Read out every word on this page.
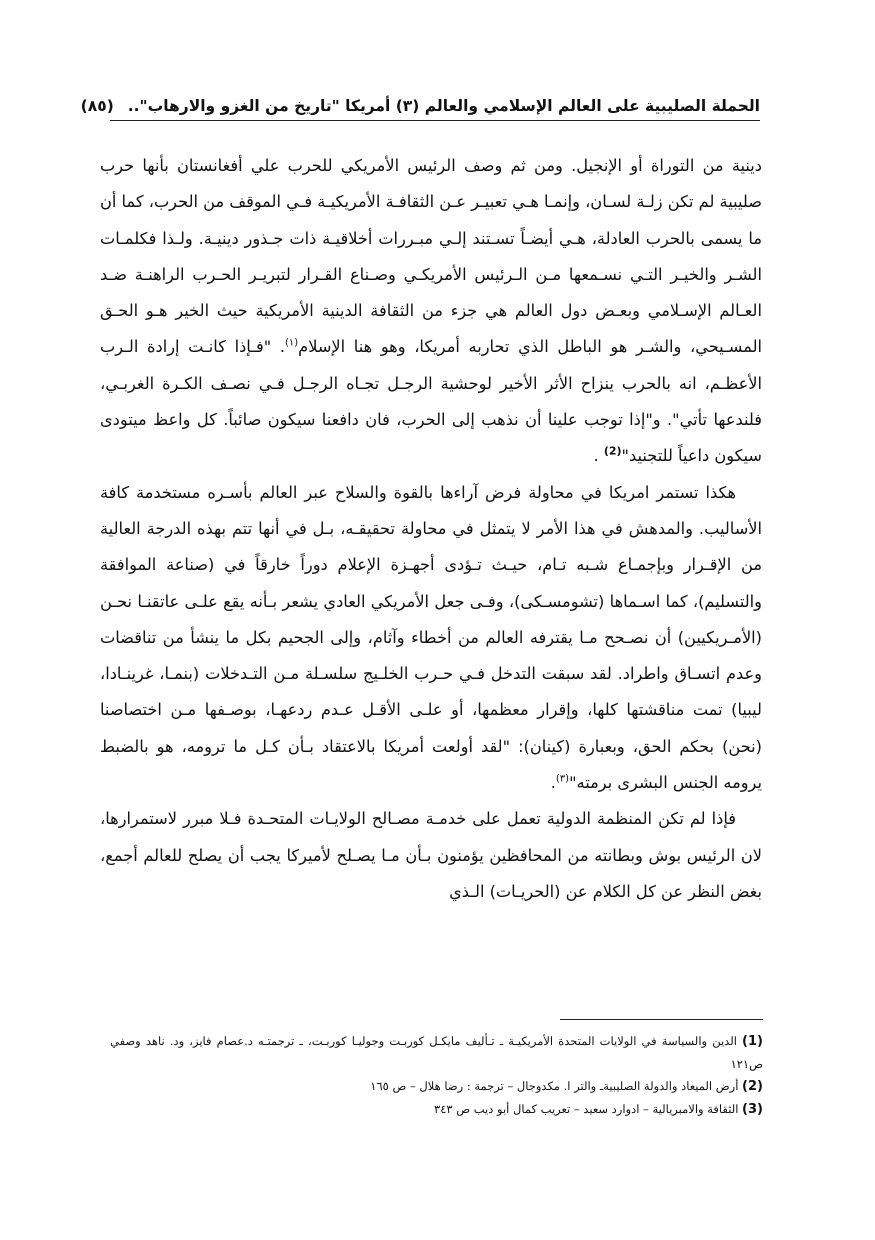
الحملة الصليبية على العالم الإسلامي والعالم (٣) أمريكا "تاريخ من الغزو والارهاب"..
(٨٥)

دينية من التوراة أو الإنجيل. ومن ثم وصف الرئيس الأمريكي للحرب علي أفغانستان بأنها حرب صليبية لم تكن زلـة لسـان، وإنمـا هـي تعبيـر عـن الثقافـة الأمريكيـة فـي الموقف من الحرب، كما أن ما يسمى بالحرب العادلة، هـي أيضـاً تسـتند إلـي مبـررات أخلاقيـة ذات جـذور دينيـة. ولـذا فكلمـات الشـر والخيـر التـي نسـمعها مـن الـرئيس الأمريكـي وصـناع القـرار لتبريـر الحـرب الراهنـة ضـد العـالم الإسـلامي وبعـض دول العالم هي جزء من الثقافة الدينية الأمريكية حيث الخير هـو الحـق المسـيحي، والشـر هو الباطل الذي تحاربه أمريكا، وهو هنا الإسلام$^{(١)}$. "فـإذا كانـت إرادة الـرب الأعظـم، انه بالحرب ينزاح الأثر الأخير لوحشية الرجـل تجـاه الرجـل فـي نصـف الكـرة الغربـي، فلندعها تأتي". و"إذا توجب علينا أن نذهب إلى الحرب، فان دافعنا سيكون صائباً. كل واعظ ميتودى سيكون داعياً للتجنيد"$^{(2)}$ .

هكذا تستمر امريكا في محاولة فرض آراءها بالقوة والسلاح عبر العالم بأسـره مستخدمة كافة الأساليب. والمدهش في هذا الأمر لا يتمثل في محاولة تحقيقـه، بـل في أنها تتم بهذه الدرجة العالية من الإقـرار وبإجمـاع شـبه تـام، حيـث تـؤدى أجهـزة الإعلام دوراً خارقاً في (صناعة الموافقة والتسليم)، كما اسـماها (تشومسـكى)، وفـى جعل الأمريكي العادي يشعر بـأنه يقع علـى عاتقنـا نحـن (الأمـريكيين) أن نصـحح مـا يقترفه العالم من أخطاء وآثام، وإلى الجحيم بكل ما ينشأ من تناقضات وعدم اتسـاق واطراد. لقد سبقت التدخل فـي حـرب الخلـيج سلسـلة مـن التـدخلات (بنمـا، غرينـادا، ليبيا) تمت مناقشتها كلها، وإقرار معظمها، أو علـى الأقـل عـدم ردعهـا، بوصـفها مـن اختصاصنا (نحن) بحكم الحق، وبعبارة (كينان): "لقد أولعت أمريكا بالاعتقاد بـأن كـل ما ترومه، هو بالضبط يرومه الجنس البشرى برمته"$^{(٣)}$.

فإذا لم تكن المنظمة الدولية تعمل على خدمـة مصـالح الولايـات المتحـدة فـلا مبرر لاستمرارها، لان الرئيس بوش وبطانته من المحافظين يؤمنون بـأن مـا يصـلح لأميركا يجب أن يصلح للعالم أجمع، بغض النظر عن كل الكلام عن (الحريـات) الـذي

(1) الدين والسياسة في الولايات المتحدة الأمريكيـة ـ تـأليف مايكـل كوربـت وجوليـا كوربـت، ـ ترجمتـه د.عصام فايز، ود. ناهد وصفي ص١٢١

(2) أرض الميعاد والدولة الصليبيةـ والتر ا. مكدوجال – ترجمة : رضا هلال – ص ١٦٥

(3) الثقافة والامبريالية – ادوارد سعيد – تعريب كمال أبو ديب ص ٣٤٣
